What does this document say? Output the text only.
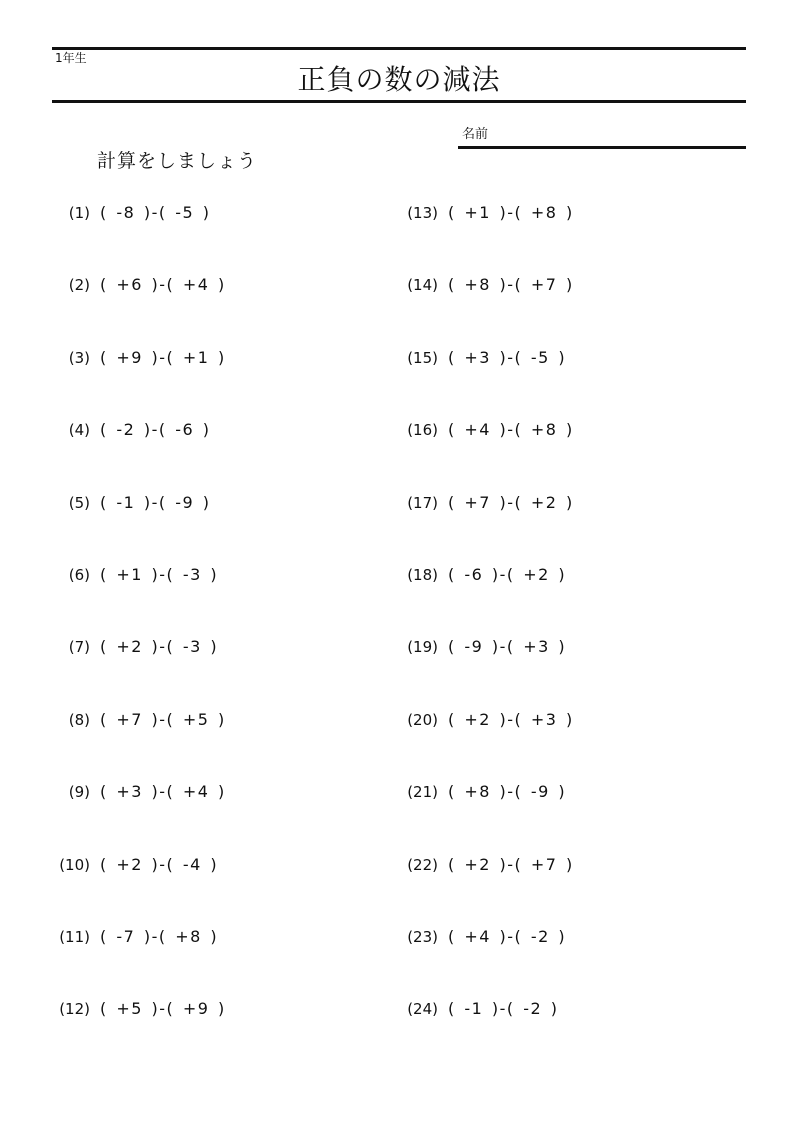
1年生
正負の数の減法
名前
計算をしましょう
(1) ( -8 )-( -5 )
(2) ( +6 )-( +4 )
(3) ( +9 )-( +1 )
(4) ( -2 )-( -6 )
(5) ( -1 )-( -9 )
(6) ( +1 )-( -3 )
(7) ( +2 )-( -3 )
(8) ( +7 )-( +5 )
(9) ( +3 )-( +4 )
(10) ( +2 )-( -4 )
(11) ( -7 )-( +8 )
(12) ( +5 )-( +9 )
(13) ( +1 )-( +8 )
(14) ( +8 )-( +7 )
(15) ( +3 )-( -5 )
(16) ( +4 )-( +8 )
(17) ( +7 )-( +2 )
(18) ( -6 )-( +2 )
(19) ( -9 )-( +3 )
(20) ( +2 )-( +3 )
(21) ( +8 )-( -9 )
(22) ( +2 )-( +7 )
(23) ( +4 )-( -2 )
(24) ( -1 )-( -2 )
